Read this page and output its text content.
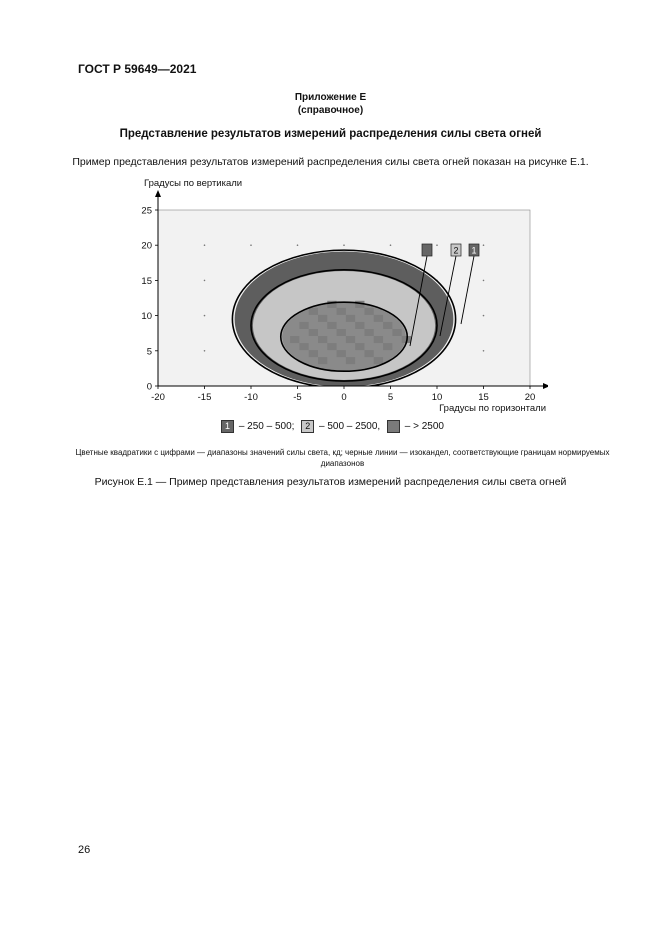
ГОСТ Р 59649—2021
Приложение Е
(справочное)
Представление результатов измерений распределения силы света огней
Пример представления результатов измерений распределения силы света огней показан на рисунке Е.1.
-20	-15	-10	-5	0	5	10	15	20
0
5
10
15
20
25
Градусы по вертикали
Градусы по горизонтали
3	2 1
1 – 250 – 500; 2 – 500 – 2500,  – > 2500
Цветные квадратики с цифрами — диапазоны значений силы света, кд; черные линии — изокандел, соответствующие границам нормируемых диапазонов
Рисунок Е.1 — Пример представления результатов измерений распределения силы света огней
26
